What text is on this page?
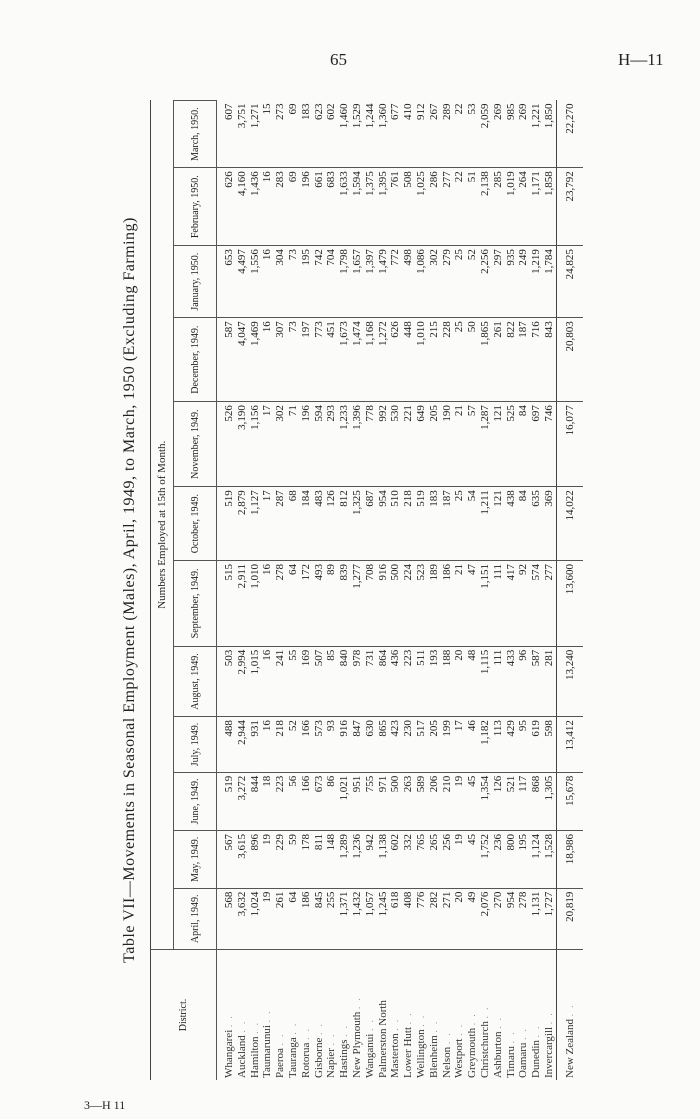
65	H—11
Table VII—Movements in Seasonal Employment (Males), April, 1949, to March, 1950 (Excluding Farming)
District.	Numbers Employed at 15th of Month.											
	April, 1949.	May, 1949.	June, 1949.	July, 1949.	August, 1949.	September, 1949.	October, 1949.	November, 1949.	December, 1949.	January, 1950.	February, 1950.	March, 1950.
Whangarei . .	568	567	519	488	503	515	519	526	587	653	626	607
Auckland . .	3,632	3,615	3,272	2,944	2,994	2,911	2,879	3,190	4,047	4,497	4,160	3,751
Hamilton . .	1,024	896	844	931	1,015	1,010	1,127	1,156	1,469	1,556	1,436	1,271
Taumarunui . .	19	19	18	16	16	16	17	17	16	16	16	15
Paeroa . .	261	229	223	218	241	278	287	302	307	304	283	273
Tauranga . .	64	59	56	52	55	64	68	71	73	73	69	69
Rotorua . .	186	178	166	166	169	172	184	196	197	195	196	183
Gisborne . .	845	811	673	573	507	493	483	594	773	742	661	623
Napier . .	255	148	86	93	85	89	126	293	451	704	683	602
Hastings . .	1,371	1,289	1,021	916	840	839	812	1,233	1,673	1,798	1,633	1,460
New Plymouth . .	1,432	1,236	951	847	978	1,277	1,325	1,396	1,474	1,657	1,594	1,529
Wanganui . .	1,057	942	755	630	731	708	687	778	1,168	1,397	1,375	1,244
Palmerston North	1,245	1,138	971	865	864	916	954	992	1,272	1,479	1,395	1,360
Masterton . .	618	602	500	423	436	500	510	530	626	772	761	677
Lower Hutt . .	408	332	263	230	223	224	218	221	448	498	508	410
Wellington . .	776	765	589	517	511	523	519	649	1,010	1,086	1,025	912
Blenheim . .	282	265	206	205	193	189	183	205	215	302	286	267
Nelson . .	271	256	210	199	188	186	187	190	228	279	277	289
Westport . .	20	19	19	17	20	21	25	21	25	25	22	22
Greymouth . .	49	45	45	46	48	47	54	57	50	52	51	53
Christchurch . .	2,076	1,752	1,354	1,182	1,115	1,151	1,211	1,287	1,865	2,256	2,138	2,059
Ashburton . .	270	236	126	113	111	111	121	121	261	297	285	269
Timaru . .	954	800	521	429	433	417	438	525	822	935	1,019	985
Oamaru . .	278	195	117	95	96	92	84	84	187	249	264	269
Dunedin . .	1,131	1,124	868	619	587	574	635	697	716	1,219	1,171	1,221
Invercargill . .	1,727	1,528	1,305	598	281	277	369	746	843	1,784	1,858	1,850
New Zealand . .	20,819	18,986	15,678	13,412	13,240	13,600	14,022	16,077	20,803	24,825	23,792	22,270
3—H 11
